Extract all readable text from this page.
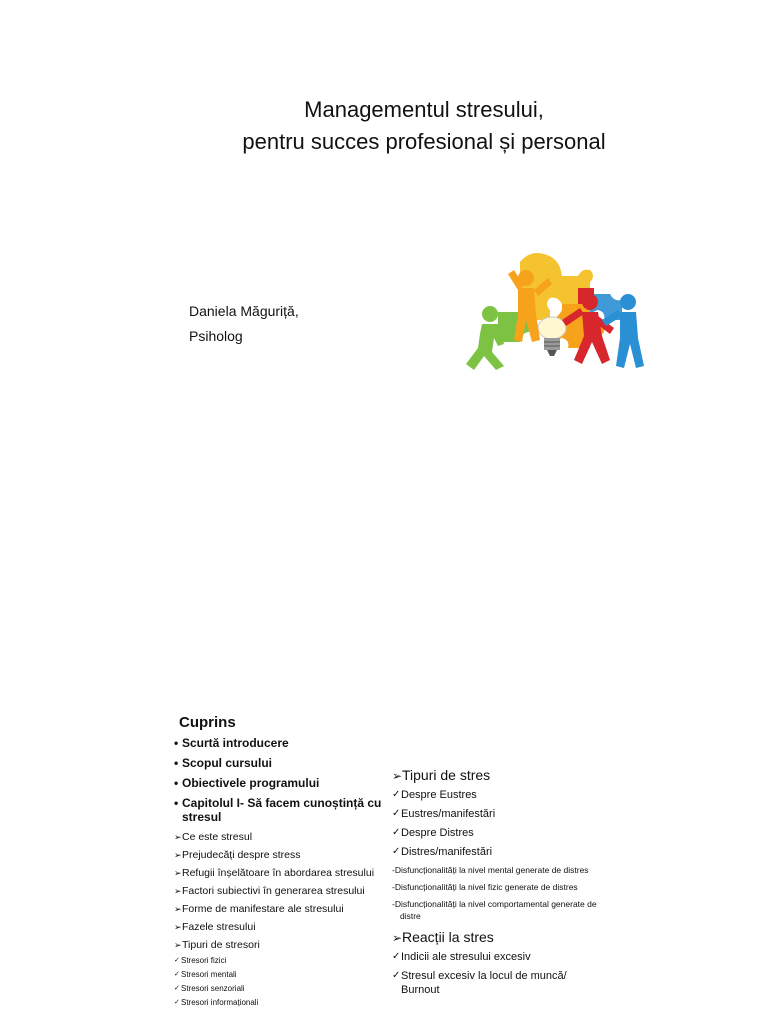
Managementul stresului,
pentru succes profesional și personal
Daniela Măguriță,
Psiholog
Cuprins
• Scurtă introducere
• Scopul cursului
• Obiectivele programului
• Capitolul I- Să facem cunoștință cu stresul
➢ Ce este stresul
➢ Prejudecăți despre stress
➢ Refugii înșelătoare în abordarea stresului
➢ Factori subiectivi în generarea stresului
➢ Forme de manifestare ale stresului
➢ Fazele stresului
➢ Tipuri de stresori
✓ Stresori fizici
✓ Stresori mentali
✓ Stresori senzoriali
✓ Stresori informaționali
➢ Tipuri de stres
✓ Despre Eustres
✓ Eustres/manifestări
✓ Despre Distres
✓ Distres/manifestări
-Disfuncționalități la nivel mental generate de distres
-Disfuncționalități la nivel fizic generate de distres
-Disfuncționalități la nivel comportamental generate de distre
➢ Reacții la stres
✓ Indicii ale stresului excesiv
✓ Stresul excesiv la locul de muncă/ Burnout
